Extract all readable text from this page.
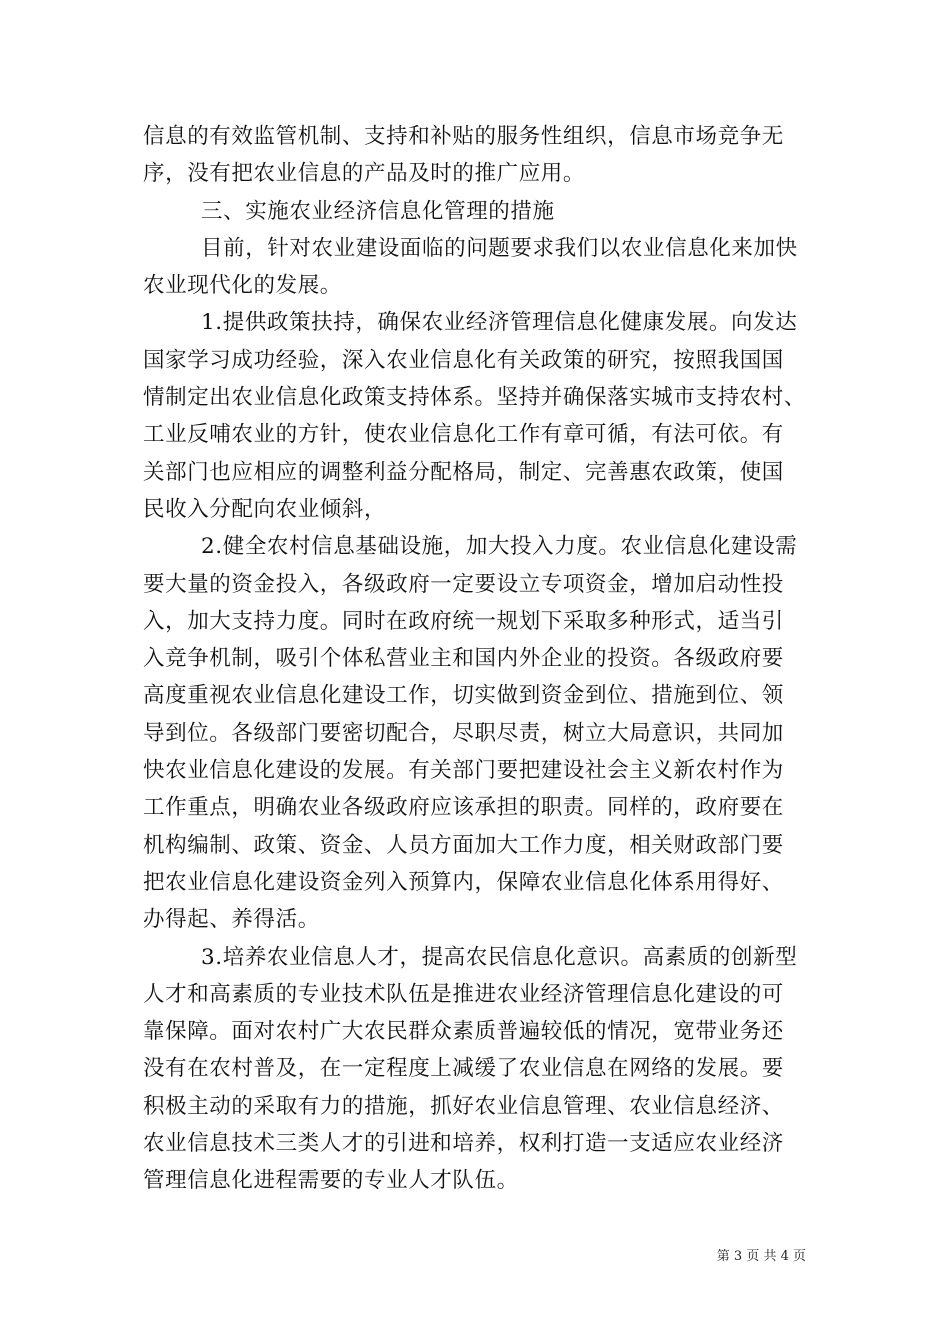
信息的有效监管机制、支持和补贴的服务性组织，信息市场竞争无
序，没有把农业信息的产品及时的推广应用。
三、实施农业经济信息化管理的措施
目前，针对农业建设面临的问题要求我们以农业信息化来加快
农业现代化的发展。
1.提供政策扶持，确保农业经济管理信息化健康发展。向发达
国家学习成功经验，深入农业信息化有关政策的研究，按照我国国
情制定出农业信息化政策支持体系。坚持并确保落实城市支持农村、
工业反哺农业的方针，使农业信息化工作有章可循，有法可依。有
关部门也应相应的调整利益分配格局，制定、完善惠农政策，使国
民收入分配向农业倾斜，
2.健全农村信息基础设施，加大投入力度。农业信息化建设需
要大量的资金投入，各级政府一定要设立专项资金，增加启动性投
入，加大支持力度。同时在政府统一规划下采取多种形式，适当引
入竞争机制，吸引个体私营业主和国内外企业的投资。各级政府要
高度重视农业信息化建设工作，切实做到资金到位、措施到位、领
导到位。各级部门要密切配合，尽职尽责，树立大局意识，共同加
快农业信息化建设的发展。有关部门要把建设社会主义新农村作为
工作重点，明确农业各级政府应该承担的职责。同样的，政府要在
机构编制、政策、资金、人员方面加大工作力度，相关财政部门要
把农业信息化建设资金列入预算内，保障农业信息化体系用得好、
办得起、养得活。
3.培养农业信息人才，提高农民信息化意识。高素质的创新型
人才和高素质的专业技术队伍是推进农业经济管理信息化建设的可
靠保障。面对农村广大农民群众素质普遍较低的情况，宽带业务还
没有在农村普及，在一定程度上减缓了农业信息在网络的发展。要
积极主动的采取有力的措施，抓好农业信息管理、农业信息经济、
农业信息技术三类人才的引进和培养，权利打造一支适应农业经济
管理信息化进程需要的专业人才队伍。
第 3 页 共 4 页
